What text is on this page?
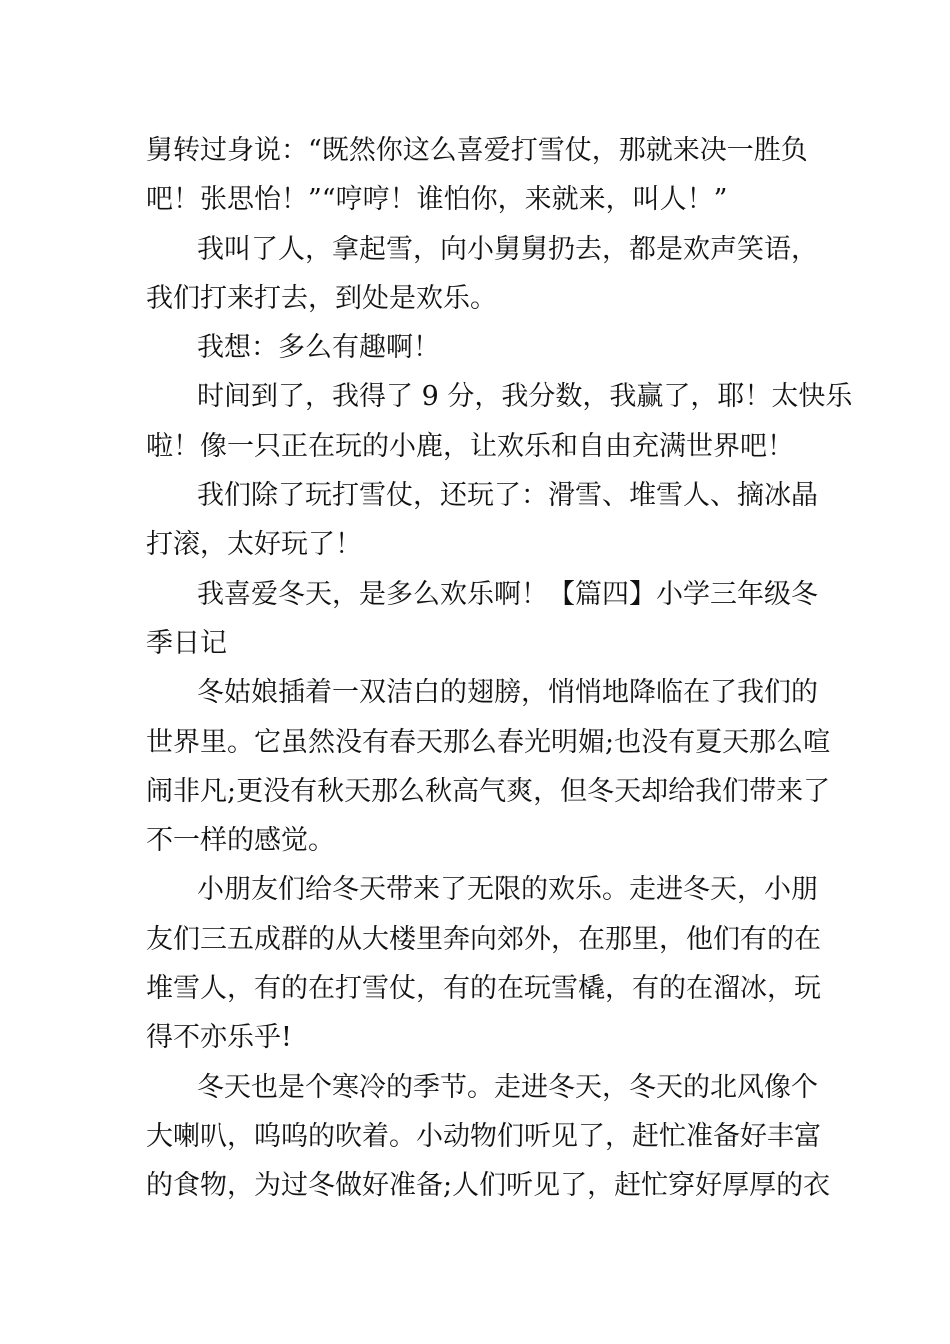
舅转过身说：“既然你这么喜爱打雪仗，那就来决一胜负
吧！张思怡！”“哼哼！谁怕你，来就来，叫人！”
我叫了人，拿起雪，向小舅舅扔去，都是欢声笑语，
我们打来打去，到处是欢乐。
我想：多么有趣啊！
时间到了，我得了 9 分，我分数，我赢了，耶！太快乐
啦！像一只正在玩的小鹿，让欢乐和自由充满世界吧！
我们除了玩打雪仗，还玩了：滑雪、堆雪人、摘冰晶
打滚，太好玩了！
我喜爱冬天，是多么欢乐啊！【篇四】小学三年级冬
季日记
冬姑娘插着一双洁白的翅膀，悄悄地降临在了我们的
世界里。它虽然没有春天那么春光明媚;也没有夏天那么喧
闹非凡;更没有秋天那么秋高气爽，但冬天却给我们带来了
不一样的感觉。
小朋友们给冬天带来了无限的欢乐。走进冬天，小朋
友们三五成群的从大楼里奔向郊外，在那里，他们有的在
堆雪人，有的在打雪仗，有的在玩雪橇，有的在溜冰，玩
得不亦乐乎!
冬天也是个寒冷的季节。走进冬天，冬天的北风像个
大喇叭，呜呜的吹着。小动物们听见了，赶忙准备好丰富
的食物，为过冬做好准备;人们听见了，赶忙穿好厚厚的衣
